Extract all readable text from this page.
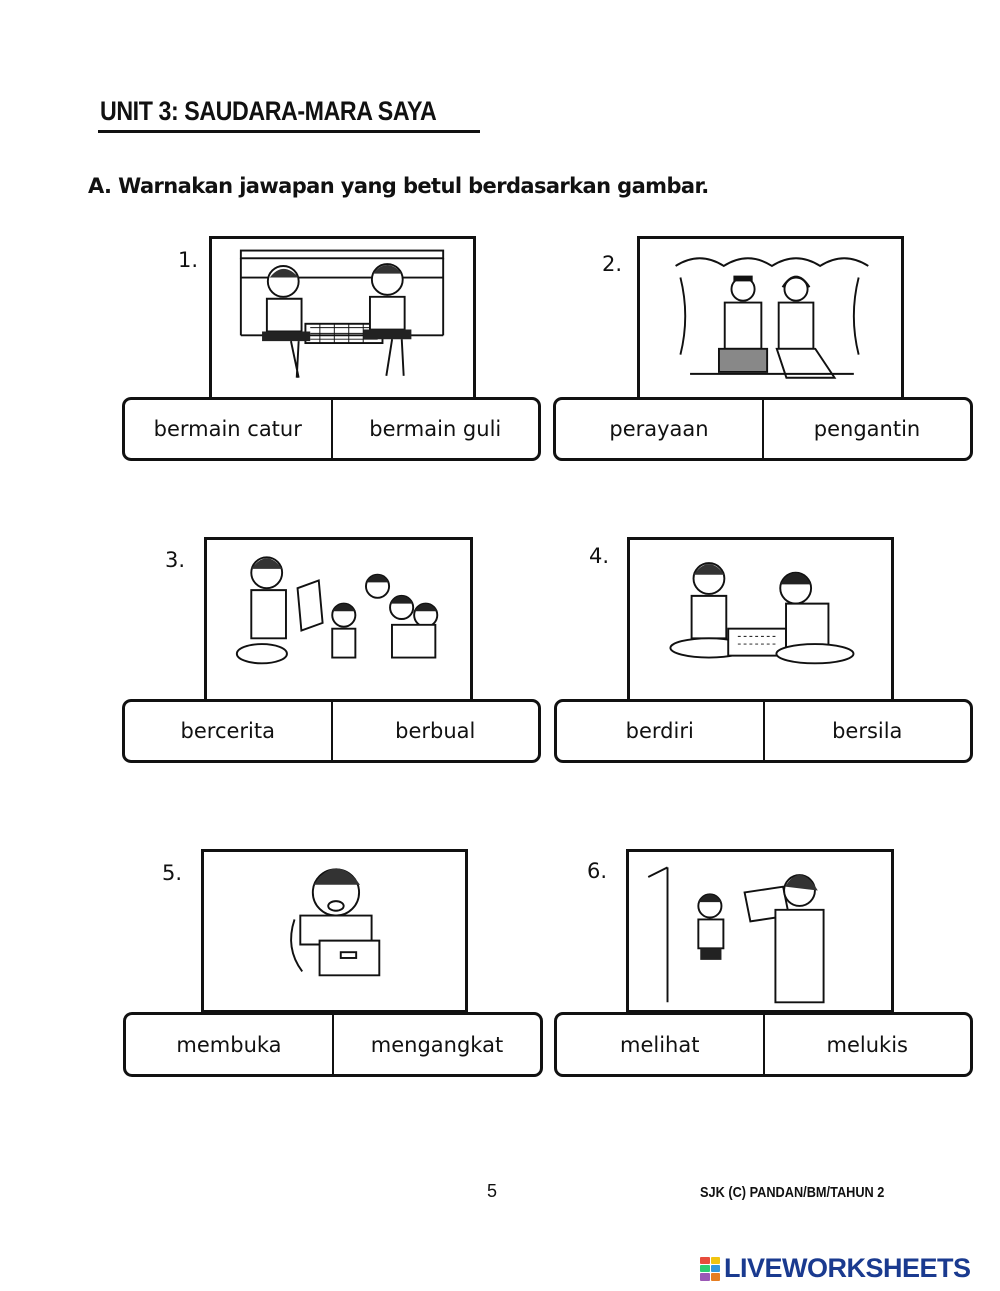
UNIT 3: SAUDARA-MARA SAYA
A. Warnakan jawapan yang betul berdasarkan gambar.
1.
bermain catur	bermain guli
2.
perayaan	pengantin
3.
bercerita	berbual
4.
berdiri	bersila
5.
membuka	mengangkat
6.
melihat	melukis
5	SJK (C) PANDAN/BM/TAHUN 2
LIVEWORKSHEETS
